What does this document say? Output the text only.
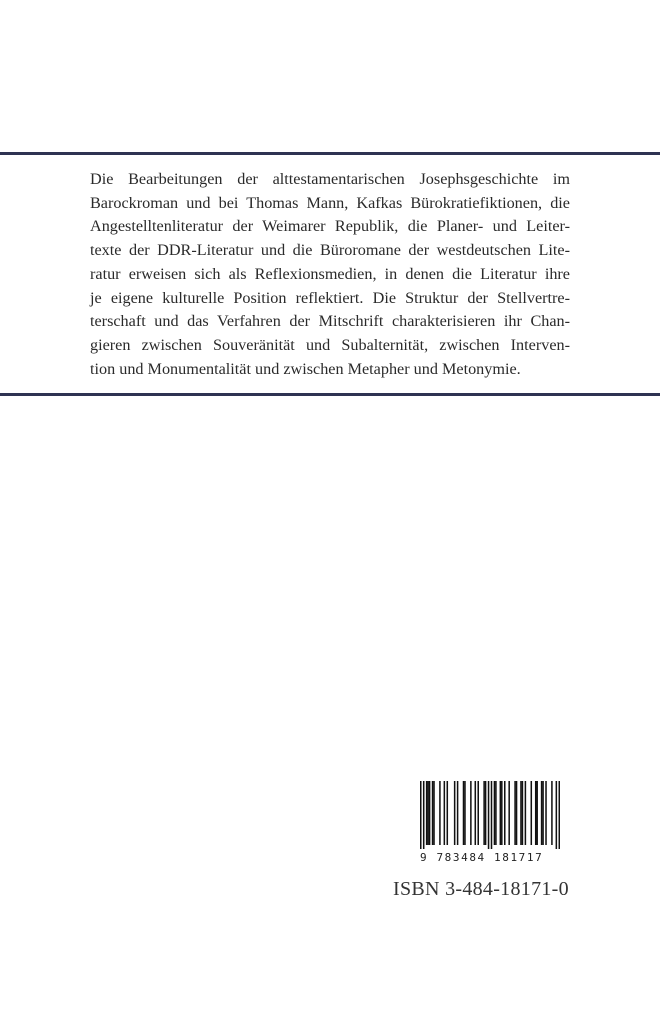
Die Bearbeitungen der alttestamentarischen Josephsgeschichte im
Barockroman und bei Thomas Mann, Kafkas Bürokratiefiktionen, die
Angestelltenliteratur der Weimarer Republik, die Planer- und Leiter-
texte der DDR-Literatur und die Büroromane der westdeutschen Lite-
ratur erweisen sich als Reflexionsmedien, in denen die Literatur ihre
je eigene kulturelle Position reflektiert. Die Struktur der Stellvertre-
terschaft und das Verfahren der Mitschrift charakterisieren ihr Chan-
gieren zwischen Souveränität und Subalternität, zwischen Interven-
tion und Monumentalität und zwischen Metapher und Metonymie.

9 783484 181717
ISBN 3-484-18171-0
